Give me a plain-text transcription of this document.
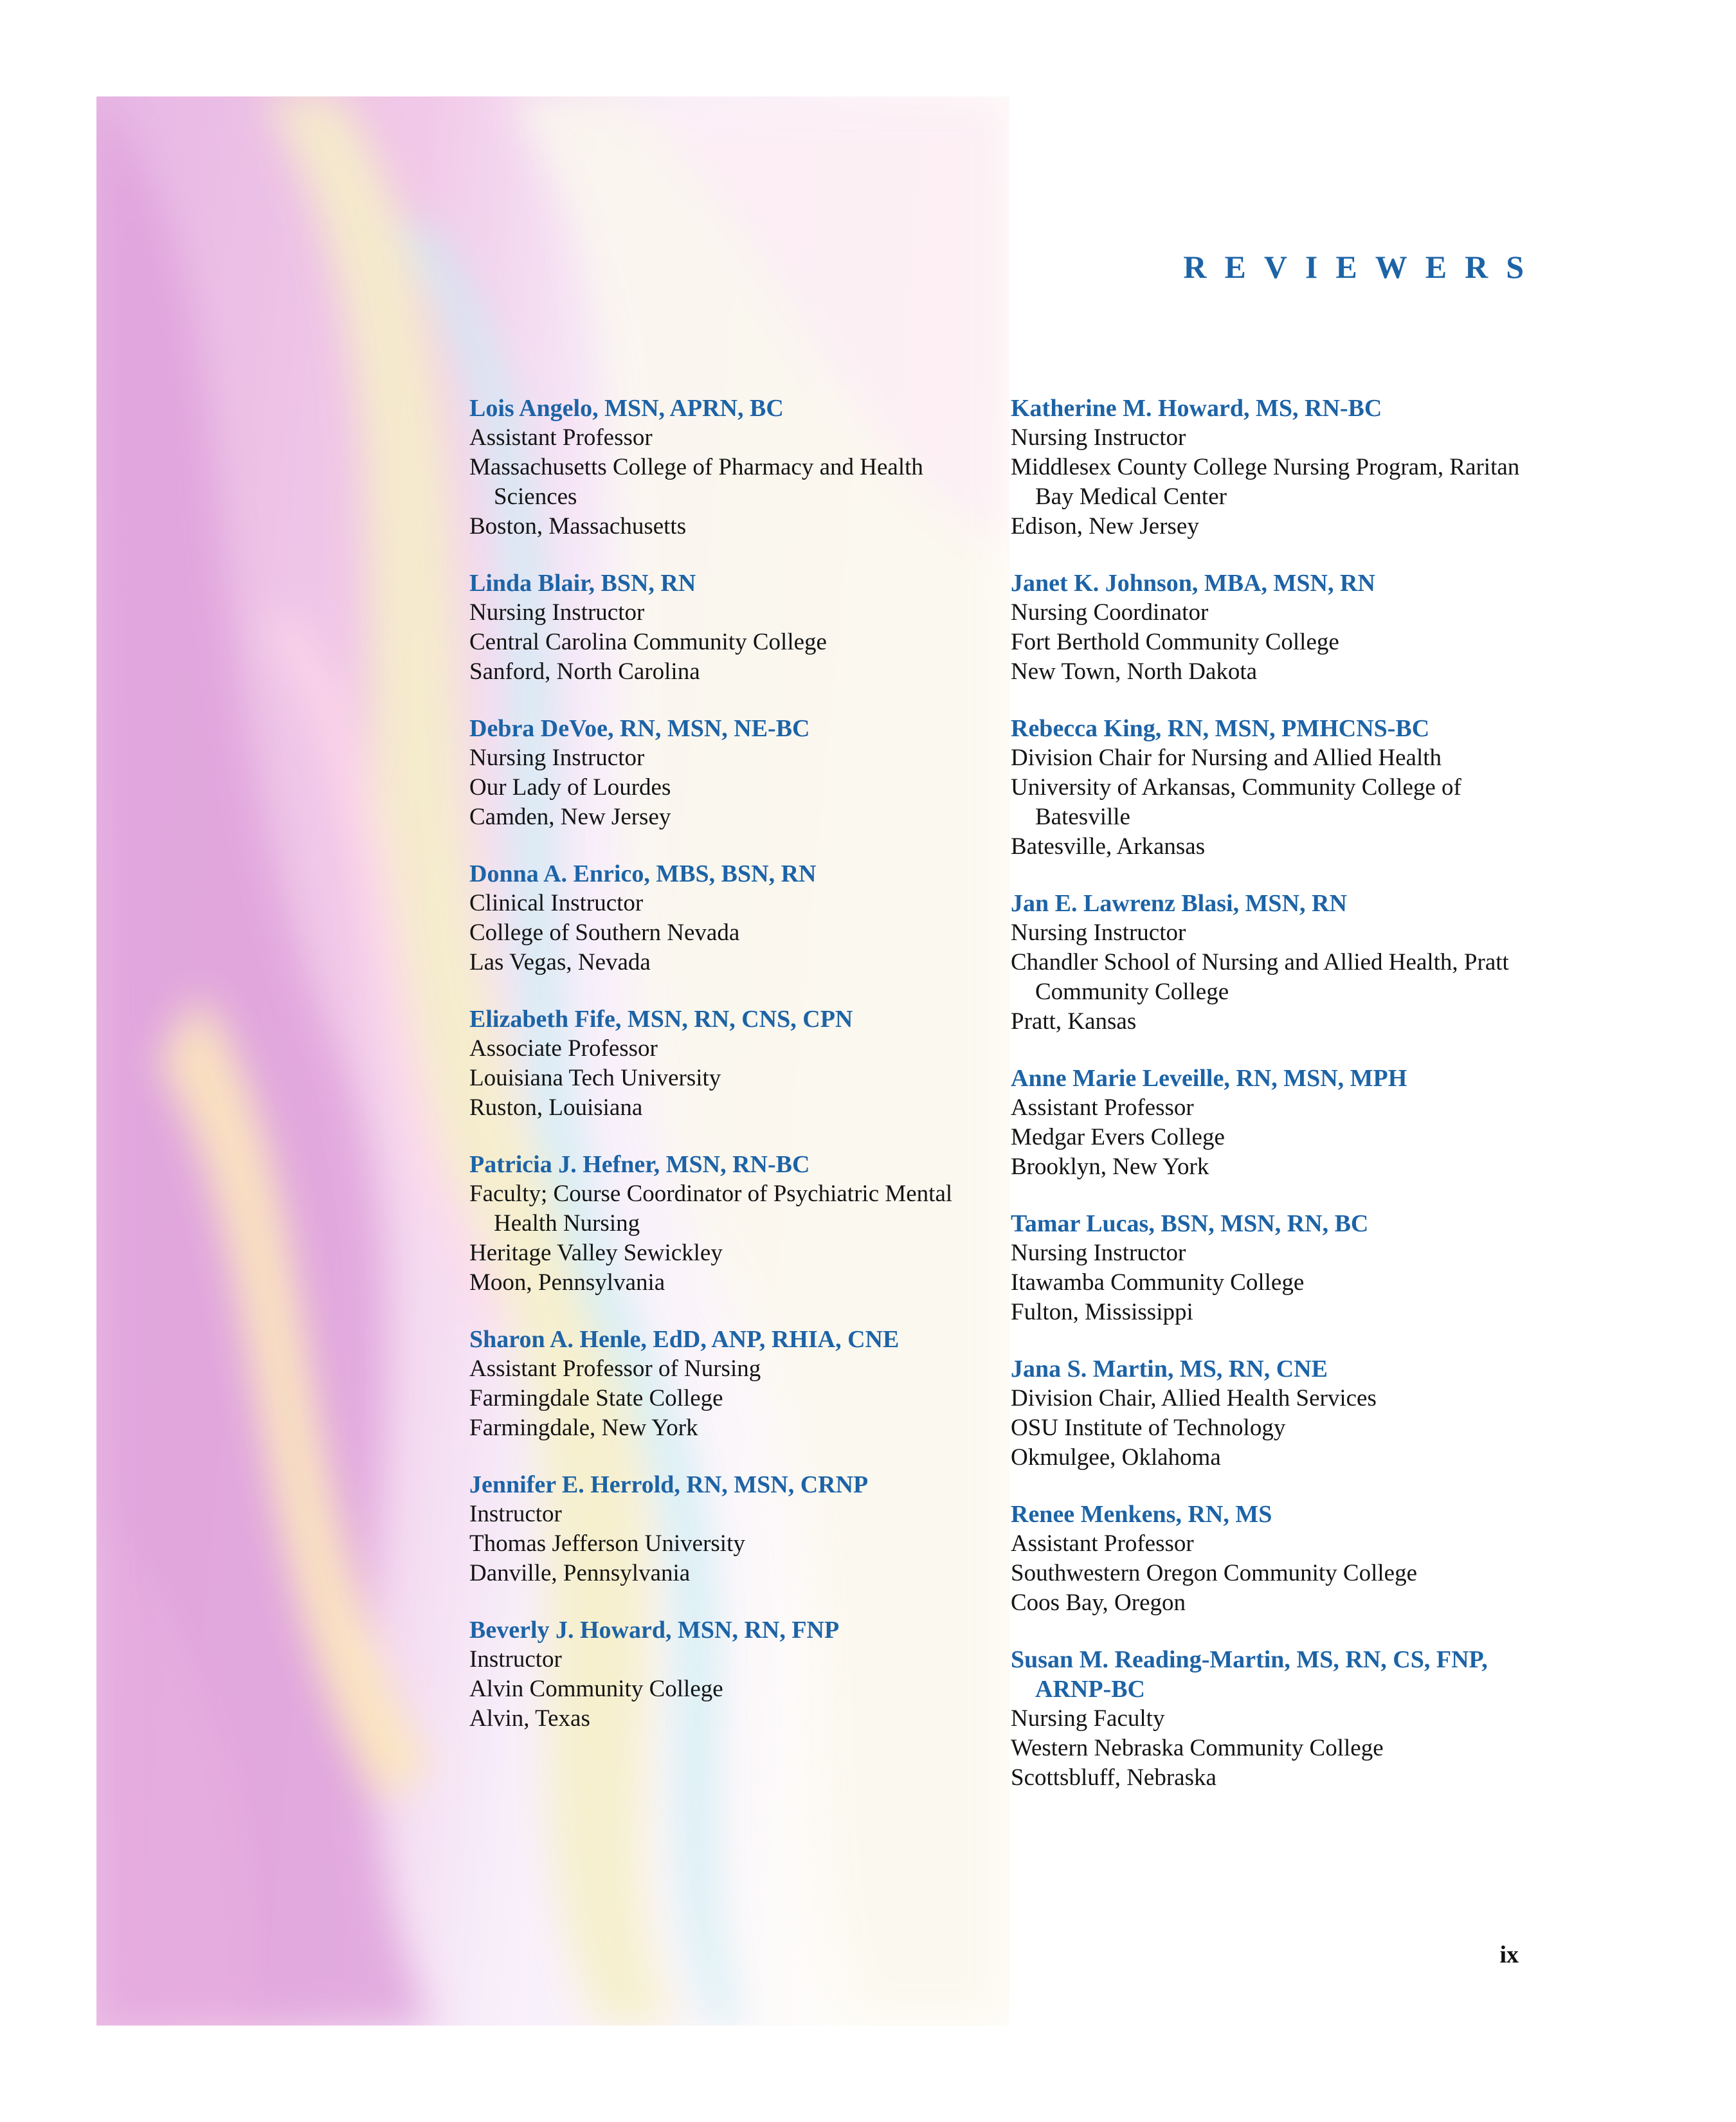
REVIEWERS

Lois Angelo, MSN, APRN, BC

Assistant Professor

Massachusetts College of Pharmacy and Health Sciences

Boston, Massachusetts

Linda Blair, BSN, RN

Nursing Instructor

Central Carolina Community College

Sanford, North Carolina

Debra DeVoe, RN, MSN, NE-BC

Nursing Instructor

Our Lady of Lourdes

Camden, New Jersey

Donna A. Enrico, MBS, BSN, RN

Clinical Instructor

College of Southern Nevada

Las Vegas, Nevada

Elizabeth Fife, MSN, RN, CNS, CPN

Associate Professor

Louisiana Tech University

Ruston, Louisiana

Patricia J. Hefner, MSN, RN-BC

Faculty; Course Coordinator of Psychiatric Mental Health Nursing

Heritage Valley Sewickley

Moon, Pennsylvania

Sharon A. Henle, EdD, ANP, RHIA, CNE

Assistant Professor of Nursing

Farmingdale State College

Farmingdale, New York

Jennifer E. Herrold, RN, MSN, CRNP

Instructor

Thomas Jefferson University

Danville, Pennsylvania

Beverly J. Howard, MSN, RN, FNP

Instructor

Alvin Community College

Alvin, Texas

Katherine M. Howard, MS, RN-BC

Nursing Instructor

Middlesex County College Nursing Program, Raritan Bay Medical Center

Edison, New Jersey

Janet K. Johnson, MBA, MSN, RN

Nursing Coordinator

Fort Berthold Community College

New Town, North Dakota

Rebecca King, RN, MSN, PMHCNS-BC

Division Chair for Nursing and Allied Health

University of Arkansas, Community College of Batesville

Batesville, Arkansas

Jan E. Lawrenz Blasi, MSN, RN

Nursing Instructor

Chandler School of Nursing and Allied Health, Pratt Community College

Pratt, Kansas

Anne Marie Leveille, RN, MSN, MPH

Assistant Professor

Medgar Evers College

Brooklyn, New York

Tamar Lucas, BSN, MSN, RN, BC

Nursing Instructor

Itawamba Community College

Fulton, Mississippi

Jana S. Martin, MS, RN, CNE

Division Chair, Allied Health Services

OSU Institute of Technology

Okmulgee, Oklahoma

Renee Menkens, RN, MS

Assistant Professor

Southwestern Oregon Community College

Coos Bay, Oregon

Susan M. Reading-Martin, MS, RN, CS, FNP, ARNP-BC

Nursing Faculty

Western Nebraska Community College

Scottsbluff, Nebraska

ix
